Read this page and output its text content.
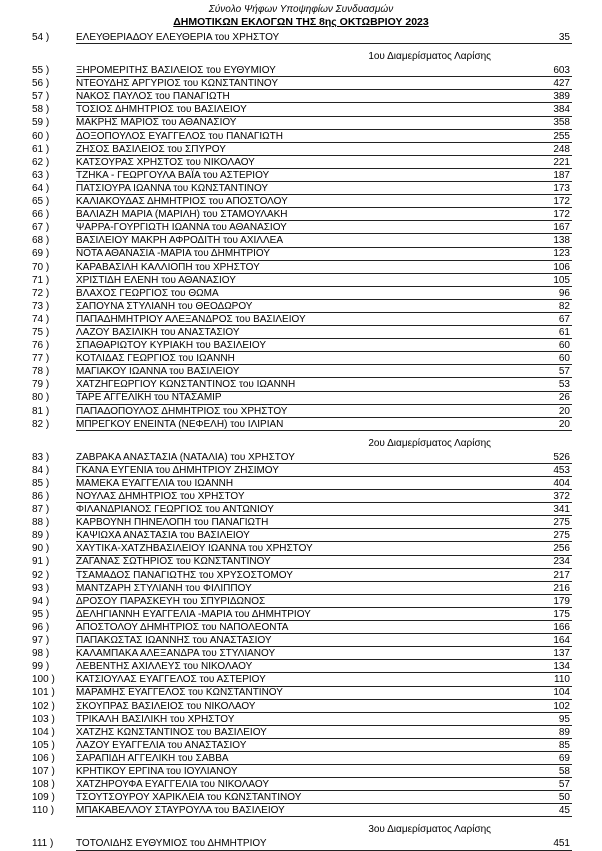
Σύνολο Ψήφων Υποψηφίων Συνδυασμών
ΔΗΜΟΤΙΚΩΝ ΕΚΛΟΓΩΝ ΤΗΣ 8ης ΟΚΤΩΒΡΙΟΥ 2023
54 )	ΕΛΕΥΘΕΡΙΑΔΟΥ ΕΛΕΥΘΕΡΙΑ του ΧΡΗΣΤΟΥ	35
1ου Διαμερίσματος Λαρίσης
55 )	ΞΗΡΟΜΕΡΙΤΗΣ ΒΑΣΙΛΕΙΟΣ του ΕΥΘΥΜΙΟΥ	603
56 )	ΝΤΕΟΥΔΗΣ ΑΡΓΥΡΙΟΣ του ΚΩΝΣΤΑΝΤΙΝΟΥ	427
57 )	ΝΑΚΟΣ ΠΑΥΛΟΣ του ΠΑΝΑΓΙΩΤΗ	389
58 )	ΤΟΣΙΟΣ ΔΗΜΗΤΡΙΟΣ του ΒΑΣΙΛΕΙΟΥ	384
59 )	ΜΑΚΡΗΣ ΜΑΡΙΟΣ του ΑΘΑΝΑΣΙΟΥ	358
60 )	ΔΟΞΟΠΟΥΛΟΣ ΕΥΑΓΓΕΛΟΣ του ΠΑΝΑΓΙΩΤΗ	255
61 )	ΖΗΣΟΣ ΒΑΣΙΛΕΙΟΣ του ΣΠΥΡΟΥ	248
62 )	ΚΑΤΣΟΥΡΑΣ ΧΡΗΣΤΟΣ του ΝΙΚΟΛΑΟΥ	221
63 )	ΤΖΗΚΑ - ΓΕΩΡΓΟΥΛΑ ΒΑΪΑ του ΑΣΤΕΡΙΟΥ	187
64 )	ΠΑΤΣΙΟΥΡΑ ΙΩΑΝΝΑ του ΚΩΝΣΤΑΝΤΙΝΟΥ	173
65 )	ΚΑΛΙΑΚΟΥΔΑΣ ΔΗΜΗΤΡΙΟΣ του ΑΠΟΣΤΟΛΟΥ	172
66 )	ΒΑΛΙΑΖΗ ΜΑΡΙΑ (ΜΑΡΙΛΗ) του ΣΤΑΜΟΥΛΑΚΗ	172
67 )	ΨΑΡΡΑ-ΓΟΥΡΓΙΩΤΗ ΙΩΑΝΝΑ του ΑΘΑΝΑΣΙΟΥ	167
68 )	ΒΑΣΙΛΕΙΟΥ ΜΑΚΡΗ ΑΦΡΟΔΙΤΗ του ΑΧΙΛΛΕΑ	138
69 )	ΝΟΤΑ ΑΘΑΝΑΣΙΑ -ΜΑΡΙΑ του ΔΗΜΗΤΡΙΟΥ	123
70 )	ΚΑΡΑΒΑΣΙΛΗ ΚΑΛΛΙΟΠΗ του ΧΡΗΣΤΟΥ	106
71 )	ΧΡΙΣΤΙΔΗ ΕΛΕΝΗ του ΑΘΑΝΑΣΙΟΥ	105
72 )	ΒΛΑΧΟΣ ΓΕΩΡΓΙΟΣ του ΘΩΜΑ	96
73 )	ΣΑΠΟΥΝΑ ΣΤΥΛΙΑΝΗ του ΘΕΟΔΩΡΟΥ	82
74 )	ΠΑΠΑΔΗΜΗΤΡΙΟΥ ΑΛΕΞΑΝΔΡΟΣ του ΒΑΣΙΛΕΙΟΥ	67
75 )	ΛΑΖΟΥ ΒΑΣΙΛΙΚΗ του ΑΝΑΣΤΑΣΙΟΥ	61
76 )	ΣΠΑΘΑΡΙΩΤΟΥ ΚΥΡΙΑΚΗ του ΒΑΣΙΛΕΙΟΥ	60
77 )	ΚΟΤΛΙΔΑΣ ΓΕΩΡΓΙΟΣ του ΙΩΑΝΝΗ	60
78 )	ΜΑΓΙΑΚΟΥ ΙΩΑΝΝΑ του ΒΑΣΙΛΕΙΟΥ	57
79 )	ΧΑΤΖΗΓΕΩΡΓΙΟΥ ΚΩΝΣΤΑΝΤΙΝΟΣ του ΙΩΑΝΝΗ	53
80 )	ΤΑΡΕ ΑΓΓΕΛΙΚΗ του ΝΤΑΣΑΜΙΡ	26
81 )	ΠΑΠΑΔΟΠΟΥΛΟΣ ΔΗΜΗΤΡΙΟΣ του ΧΡΗΣΤΟΥ	20
82 )	ΜΠΡΕΓΚΟΥ ΕΝΕΙΝΤΑ (ΝΕΦΕΛΗ) του ΙΛΙΡΙΑΝ	20
2ου Διαμερίσματος Λαρίσης
83 )	ΖΑΒΡΑΚΑ ΑΝΑΣΤΑΣΙΑ (ΝΑΤΑΛΙΑ) του ΧΡΗΣΤΟΥ	526
84 )	ΓΚΑΝΑ ΕΥΓΕΝΙΑ του ΔΗΜΗΤΡΙΟΥ ΖΗΣΙΜΟΥ	453
85 )	ΜΑΜΕΚΑ ΕΥΑΓΓΕΛΙΑ του ΙΩΑΝΝΗ	404
86 )	ΝΟΥΛΑΣ ΔΗΜΗΤΡΙΟΣ του ΧΡΗΣΤΟΥ	372
87 )	ΦΙΛΑΝΔΡΙΑΝΟΣ ΓΕΩΡΓΙΟΣ του ΑΝΤΩΝΙΟΥ	341
88 )	ΚΑΡΒΟΥΝΗ ΠΗΝΕΛΟΠΗ του ΠΑΝΑΓΙΩΤΗ	275
89 )	ΚΑΨΙΩΧΑ ΑΝΑΣΤΑΣΙΑ του ΒΑΣΙΛΕΙΟΥ	275
90 )	ΧΑΥΤΙΚΑ-ΧΑΤΖΗΒΑΣΙΛΕΙΟΥ ΙΩΑΝΝΑ του ΧΡΗΣΤΟΥ	256
91 )	ΖΑΓΑΝΑΣ ΣΩΤΗΡΙΟΣ του ΚΩΝΣΤΑΝΤΙΝΟΥ	234
92 )	ΤΣΑΜΑΔΟΣ ΠΑΝΑΓΙΩΤΗΣ του ΧΡΥΣΟΣΤΟΜΟΥ	217
93 )	ΜΑΝΤΖΑΡΗ ΣΤΥΛΙΑΝΗ του ΦΙΛΙΠΠΟΥ	216
94 )	ΔΡΟΣΟΥ ΠΑΡΑΣΚΕΥΗ του ΣΠΥΡΙΔΩΝΟΣ	179
95 )	ΔΕΛΗΓΙΑΝΝΗ ΕΥΑΓΓΕΛΙΑ -ΜΑΡΙΑ του ΔΗΜΗΤΡΙΟΥ	175
96 )	ΑΠΟΣΤΟΛΟΥ ΔΗΜΗΤΡΙΟΣ του ΝΑΠΟΛΕΟΝΤΑ	166
97 )	ΠΑΠΑΚΩΣΤΑΣ ΙΩΑΝΝΗΣ του ΑΝΑΣΤΑΣΙΟΥ	164
98 )	ΚΑΛΑΜΠΑΚΑ ΑΛΕΞΑΝΔΡΑ του ΣΤΥΛΙΑΝΟΥ	137
99 )	ΛΕΒΕΝΤΗΣ ΑΧΙΛΛΕΥΣ του ΝΙΚΟΛΑΟΥ	134
100 )	ΚΑΤΣΙΟΥΛΑΣ ΕΥΑΓΓΕΛΟΣ του ΑΣΤΕΡΙΟΥ	110
101 )	ΜΑΡΑΜΗΣ ΕΥΑΓΓΕΛΟΣ του ΚΩΝΣΤΑΝΤΙΝΟΥ	104
102 )	ΣΚΟΥΠΡΑΣ ΒΑΣΙΛΕΙΟΣ του ΝΙΚΟΛΑΟΥ	102
103 )	ΤΡΙΚΑΛΗ ΒΑΣΙΛΙΚΗ του ΧΡΗΣΤΟΥ	95
104 )	ΧΑΤΖΗΣ ΚΩΝΣΤΑΝΤΙΝΟΣ του ΒΑΣΙΛΕΙΟΥ	89
105 )	ΛΑΖΟΥ ΕΥΑΓΓΕΛΙΑ του ΑΝΑΣΤΑΣΙΟΥ	85
106 )	ΣΑΡΑΠΙΔΗ ΑΓΓΕΛΙΚΗ του ΣΑΒΒΑ	69
107 )	ΚΡΗΤΙΚΟΥ ΕΡΓΙΝΑ του ΙΟΥΛΙΑΝΟΥ	58
108 )	ΧΑΤΖΗΡΟΥΦΑ ΕΥΑΓΓΕΛΙΑ του ΝΙΚΟΛΑΟΥ	57
109 )	ΤΣΟΥΤΣΟΥΡΟΥ ΧΑΡΙΚΛΕΙΑ του ΚΩΝΣΤΑΝΤΙΝΟΥ	50
110 )	ΜΠΑΚΑΒΕΛΛΟΥ ΣΤΑΥΡΟΥΛΑ του ΒΑΣΙΛΕΙΟΥ	45
3ου Διαμερίσματος Λαρίσης
111 )	ΤΟΤΟΛΙΔΗΣ ΕΥΘΥΜΙΟΣ του ΔΗΜΗΤΡΙΟΥ	451
